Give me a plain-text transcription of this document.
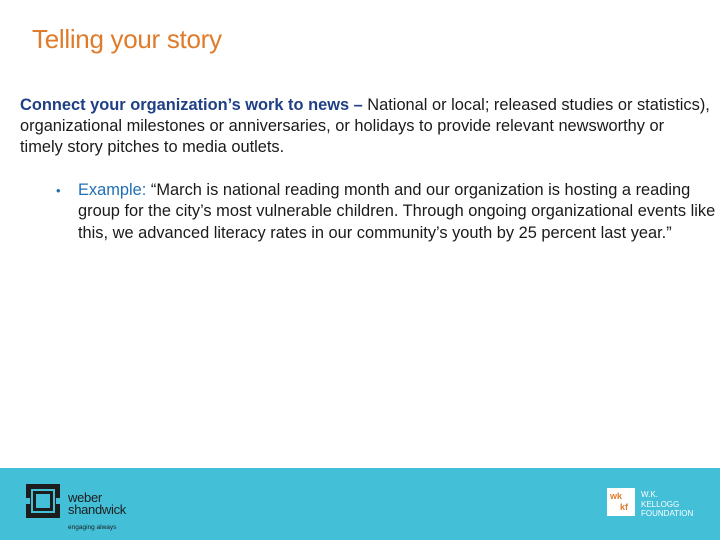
Telling your story
Connect your organization’s work to news – National or local; released studies or statistics), organizational milestones or anniversaries, or holidays to provide relevant newsworthy or timely story pitches to media outlets.
• Example: “March is national reading month and our organization is hosting a reading group for the city’s most vulnerable children. Through ongoing organizational events like this, we advanced literacy rates in our community’s youth by 25 percent last year.”
weber
shandwick
engaging always
wk
kf
W.K.
KELLOGG
FOUNDATION
